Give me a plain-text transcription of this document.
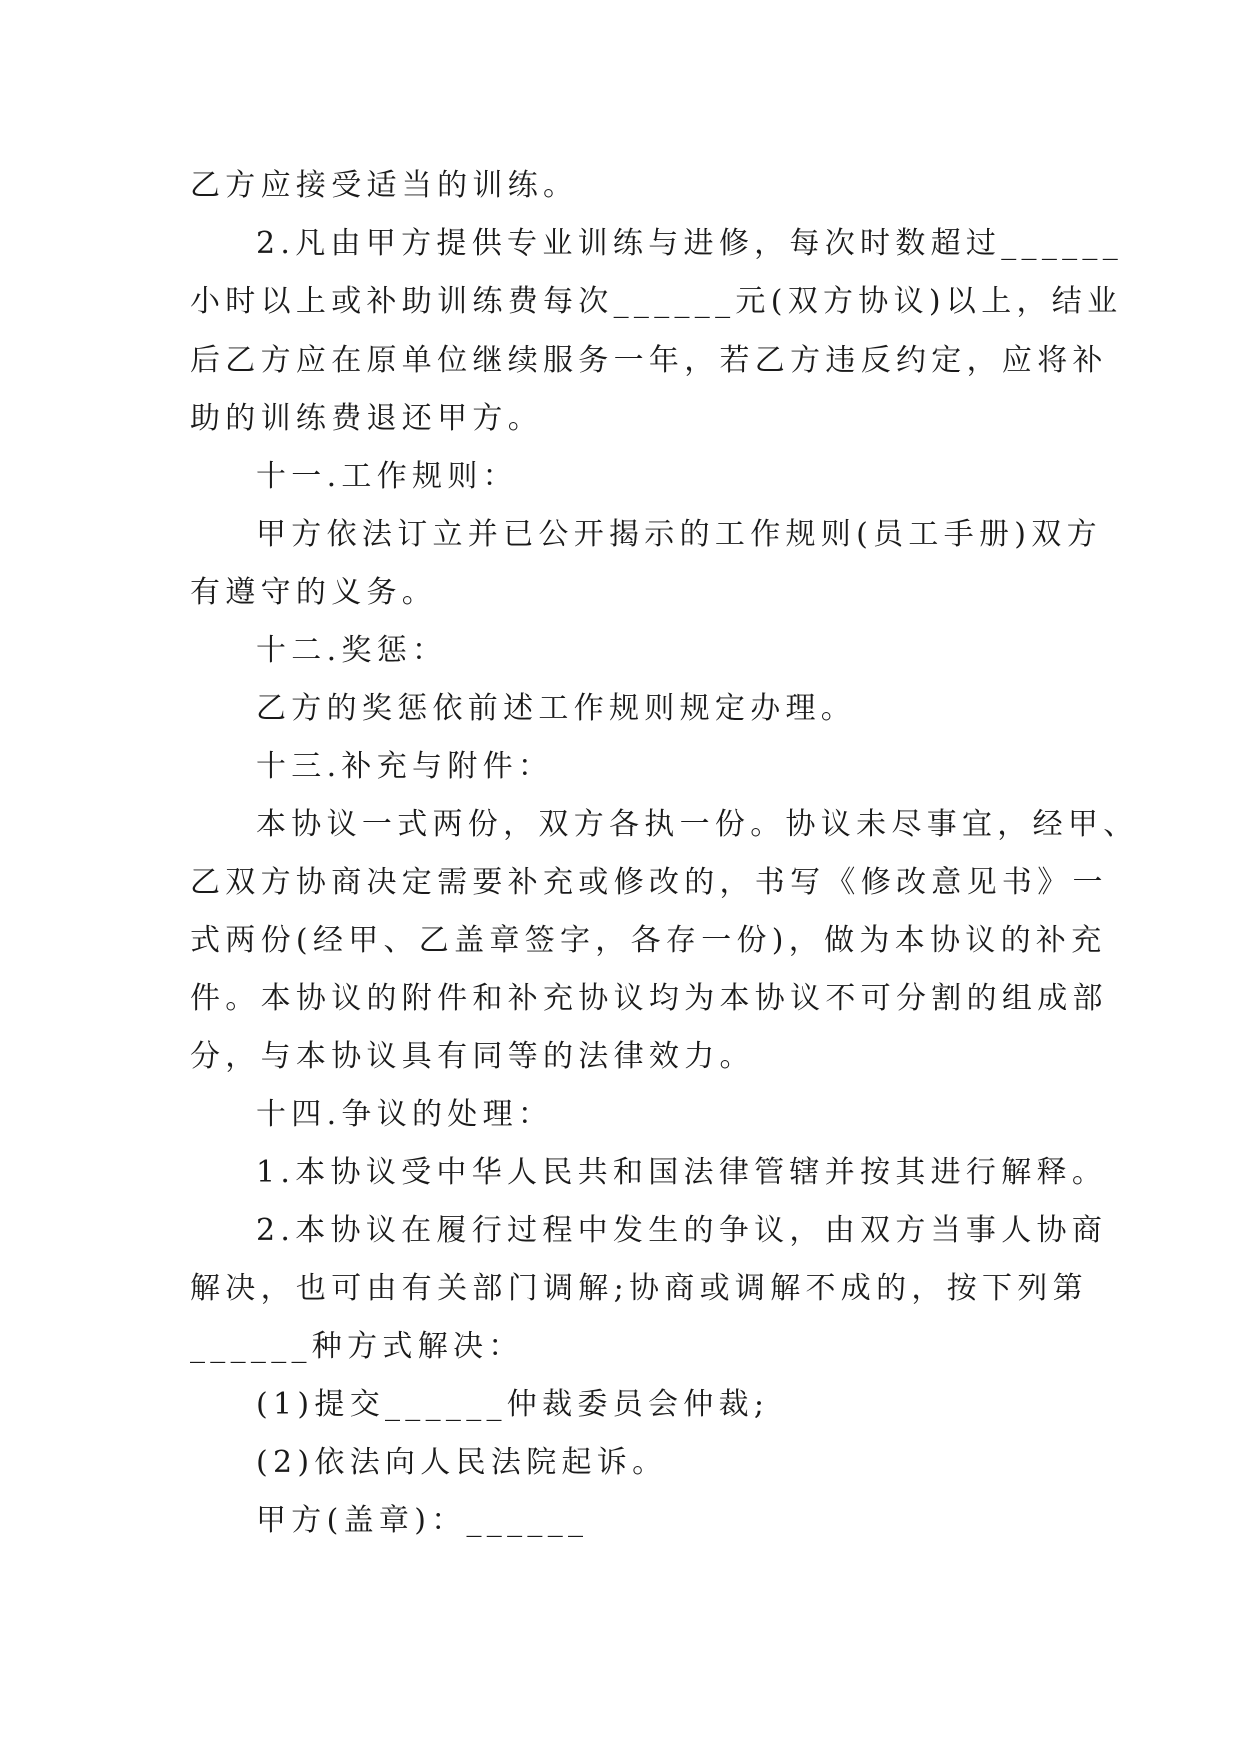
乙方应接受适当的训练。
2.凡由甲方提供专业训练与进修，每次时数超过______
小时以上或补助训练费每次______元(双方协议)以上，结业
后乙方应在原单位继续服务一年，若乙方违反约定，应将补
助的训练费退还甲方。
十一.工作规则：
甲方依法订立并已公开揭示的工作规则(员工手册)双方
有遵守的义务。
十二.奖惩：
乙方的奖惩依前述工作规则规定办理。
十三.补充与附件：
本协议一式两份，双方各执一份。协议未尽事宜，经甲、
乙双方协商决定需要补充或修改的，书写《修改意见书》一
式两份(经甲、乙盖章签字，各存一份)，做为本协议的补充
件。本协议的附件和补充协议均为本协议不可分割的组成部
分，与本协议具有同等的法律效力。
十四.争议的处理：
1.本协议受中华人民共和国法律管辖并按其进行解释。
2.本协议在履行过程中发生的争议，由双方当事人协商
解决，也可由有关部门调解;协商或调解不成的，按下列第
______种方式解决：
(1)提交______仲裁委员会仲裁;
(2)依法向人民法院起诉。
甲方(盖章)：______
